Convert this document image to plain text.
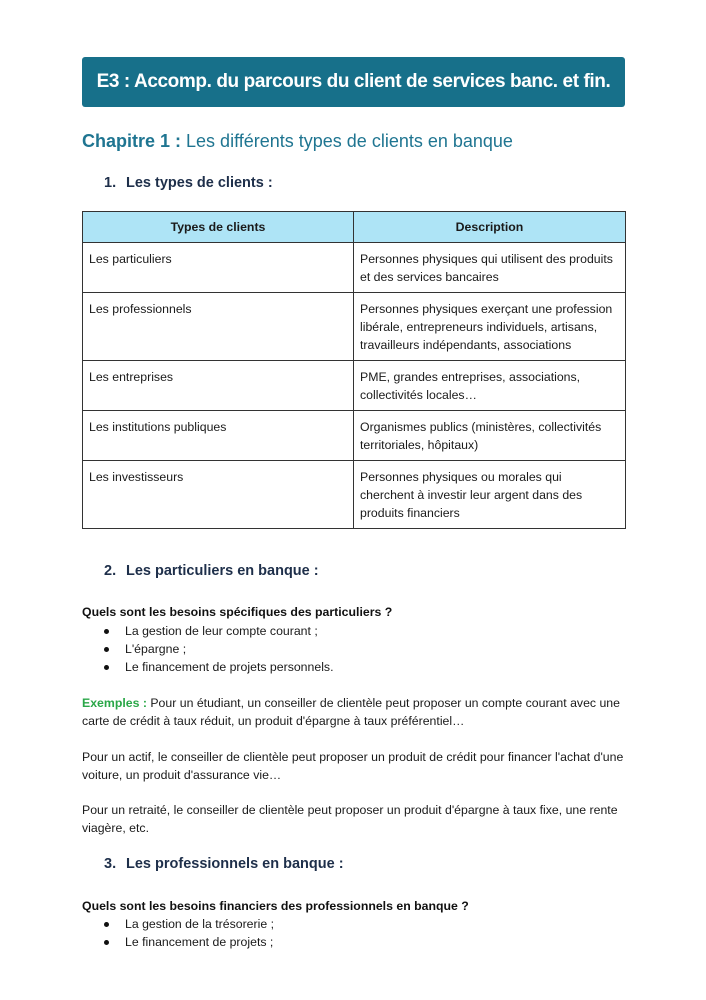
E3 : Accomp. du parcours du client de services banc. et fin.
Chapitre 1 : Les différents types de clients en banque
1. Les types de clients :
Types de clients	Description
Les particuliers	Personnes physiques qui utilisent des produits et des services bancaires
Les professionnels	Personnes physiques exerçant une profession libérale, entrepreneurs individuels, artisans, travailleurs indépendants, associations
Les entreprises	PME, grandes entreprises, associations, collectivités locales…
Les institutions publiques	Organismes publics (ministères, collectivités territoriales, hôpitaux)
Les investisseurs	Personnes physiques ou morales qui cherchent à investir leur argent dans des produits financiers
2. Les particuliers en banque :
Quels sont les besoins spécifiques des particuliers ?
La gestion de leur compte courant ;
L'épargne ;
Le financement de projets personnels.
Exemples : Pour un étudiant, un conseiller de clientèle peut proposer un compte courant avec une carte de crédit à taux réduit, un produit d'épargne à taux préférentiel…
Pour un actif, le conseiller de clientèle peut proposer un produit de crédit pour financer l'achat d'une voiture, un produit d'assurance vie…
Pour un retraité, le conseiller de clientèle peut proposer un produit d'épargne à taux fixe, une rente viagère, etc.
3. Les professionnels en banque :
Quels sont les besoins financiers des professionnels en banque ?
La gestion de la trésorerie ;
Le financement de projets ;
